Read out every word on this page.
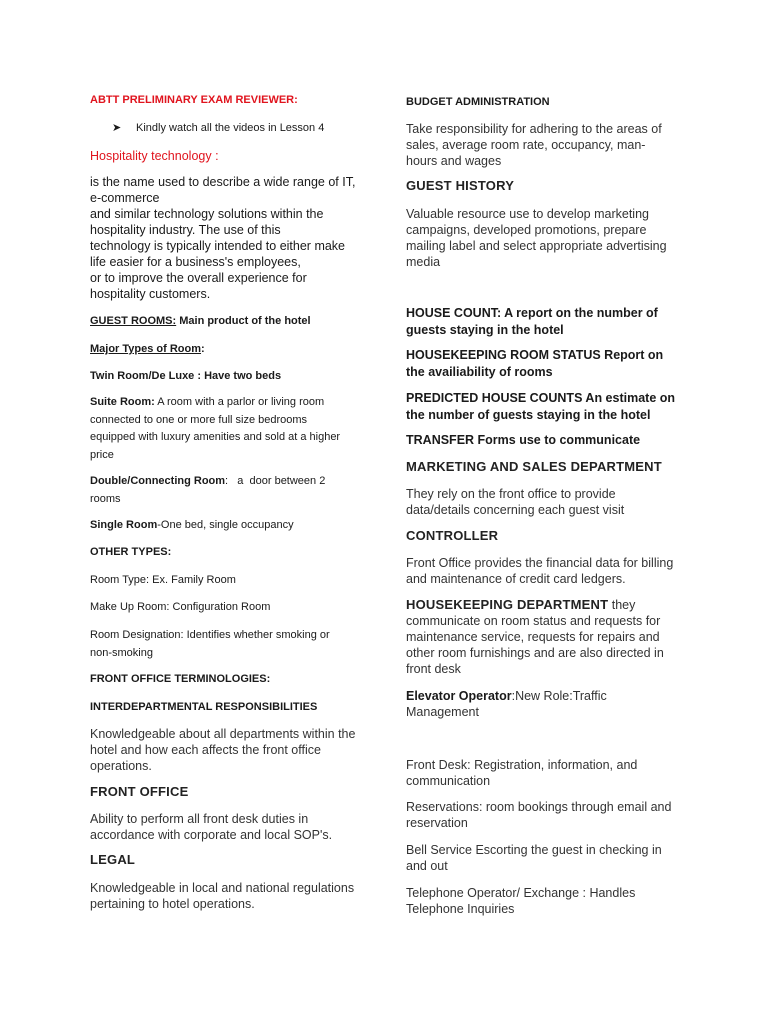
ABTT PRELIMINARY EXAM REVIEWER:
➤ Kindly watch all the videos in Lesson 4
Hospitality technology :
is the name used to describe a wide range of IT,
e-commerce
and similar technology solutions within the
hospitality industry. The use of this
technology is typically intended to either make
life easier for a business's employees,
or to improve the overall experience for
hospitality customers.
GUEST ROOMS: Main product of the hotel
Major Types of Room:
Twin Room/De Luxe : Have two beds
Suite Room: A room with a parlor or living room
connected to one or more full size bedrooms
equipped with luxury amenities and sold at a higher
price
Double/Connecting Room:   a  door between 2
rooms
Single Room-One bed, single occupancy
OTHER TYPES:
Room Type: Ex. Family Room
Make Up Room: Configuration Room
Room Designation: Identifies whether smoking or
non-smoking
FRONT OFFICE TERMINOLOGIES:
INTERDEPARTMENTAL RESPONSIBILITIES
Knowledgeable about all departments within the
hotel and how each affects the front office
operations.
FRONT OFFICE
Ability to perform all front desk duties in
accordance with corporate and local SOP's.
LEGAL
Knowledgeable in local and national regulations
pertaining to hotel operations.
BUDGET ADMINISTRATION
Take responsibility for adhering to the areas of
sales, average room rate, occupancy, man-
hours and wages
GUEST HISTORY
Valuable resource use to develop marketing
campaigns, developed promotions, prepare
mailing label and select appropriate advertising
media
HOUSE COUNT: A report on the number of
guests staying in the hotel
HOUSEKEEPING ROOM STATUS Report on
the availiability of rooms
PREDICTED HOUSE COUNTS An estimate on
the number of guests staying in the hotel
TRANSFER Forms use to communicate
MARKETING AND SALES DEPARTMENT
They rely on the front office to provide
data/details concerning each guest visit
CONTROLLER
Front Office provides the financial data for billing
and maintenance of credit card ledgers.
HOUSEKEEPING DEPARTMENT they
communicate on room status and requests for
maintenance service, requests for repairs and
other room furnishings and are also directed in
front desk
Elevator Operator:New Role:Traffic
Management
Front Desk: Registration, information, and
communication
Reservations: room bookings through email and
reservation
Bell Service Escorting the guest in checking in
and out
Telephone Operator/ Exchange : Handles
Telephone Inquiries
